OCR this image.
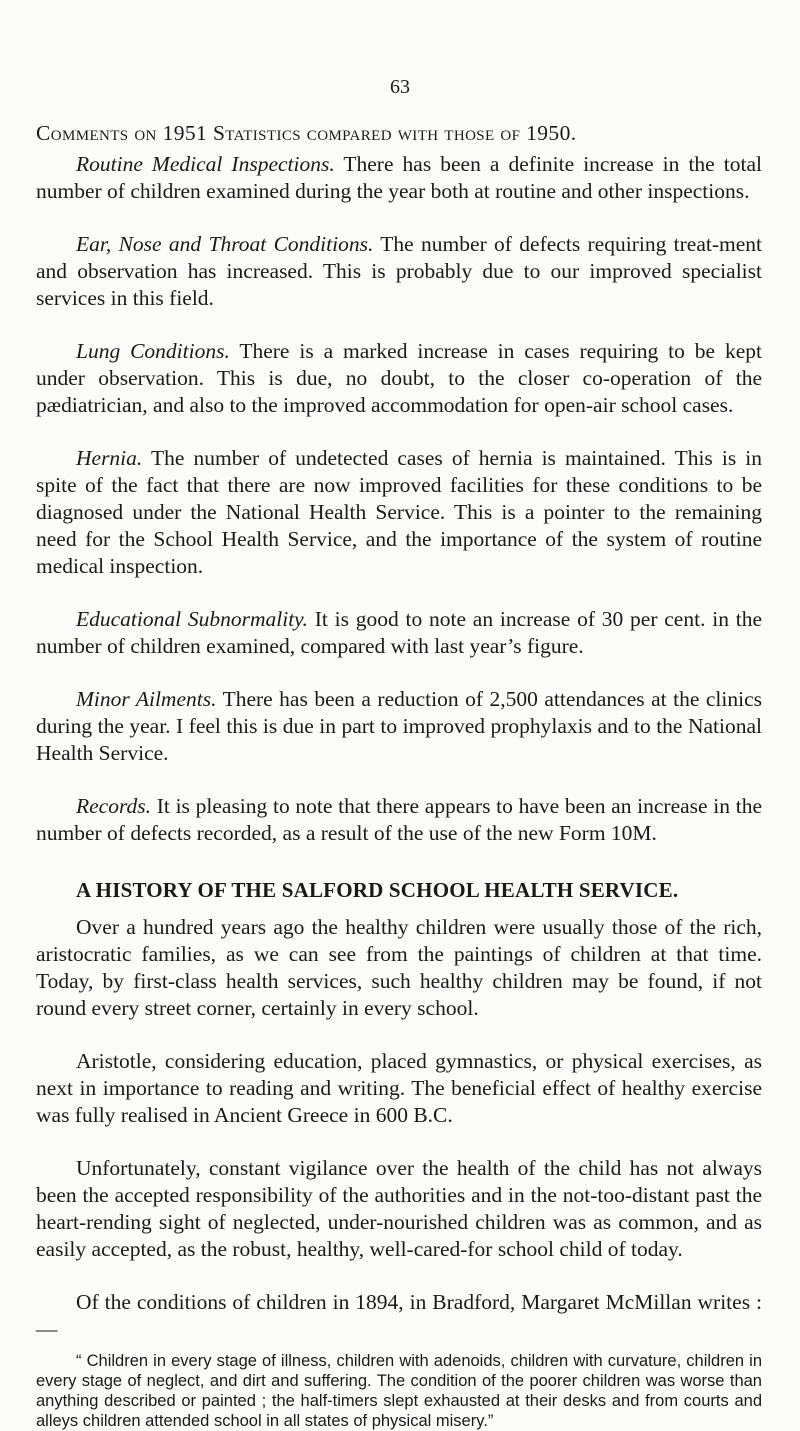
63
Comments on 1951 Statistics compared with those of 1950.

Routine Medical Inspections. There has been a definite increase in the total number of children examined during the year both at routine and other inspections.

Ear, Nose and Throat Conditions. The number of defects requiring treat-ment and observation has increased. This is probably due to our improved specialist services in this field.

Lung Conditions. There is a marked increase in cases requiring to be kept under observation. This is due, no doubt, to the closer co-operation of the pædiatrician, and also to the improved accommodation for open-air school cases.

Hernia. The number of undetected cases of hernia is maintained. This is in spite of the fact that there are now improved facilities for these conditions to be diagnosed under the National Health Service. This is a pointer to the remaining need for the School Health Service, and the importance of the system of routine medical inspection.

Educational Subnormality. It is good to note an increase of 30 per cent. in the number of children examined, compared with last year’s figure.

Minor Ailments. There has been a reduction of 2,500 attendances at the clinics during the year. I feel this is due in part to improved prophylaxis and to the National Health Service.

Records. It is pleasing to note that there appears to have been an increase in the number of defects recorded, as a result of the use of the new Form 10M.

A HISTORY OF THE SALFORD SCHOOL HEALTH SERVICE.

Over a hundred years ago the healthy children were usually those of the rich, aristocratic families, as we can see from the paintings of children at that time. Today, by first-class health services, such healthy children may be found, if not round every street corner, certainly in every school.

Aristotle, considering education, placed gymnastics, or physical exercises, as next in importance to reading and writing. The beneficial effect of healthy exercise was fully realised in Ancient Greece in 600 B.C.

Unfortunately, constant vigilance over the health of the child has not always been the accepted responsibility of the authorities and in the not-too-distant past the heart-rending sight of neglected, under-nourished children was as common, and as easily accepted, as the robust, healthy, well-cared-for school child of today.

Of the conditions of children in 1894, in Bradford, Margaret McMillan writes :—

“ Children in every stage of illness, children with adenoids, children with curvature, children in every stage of neglect, and dirt and suffering. The condition of the poorer children was worse than anything described or painted ; the half-timers slept exhausted at their desks and from courts and alleys children attended school in all states of physical misery.”
